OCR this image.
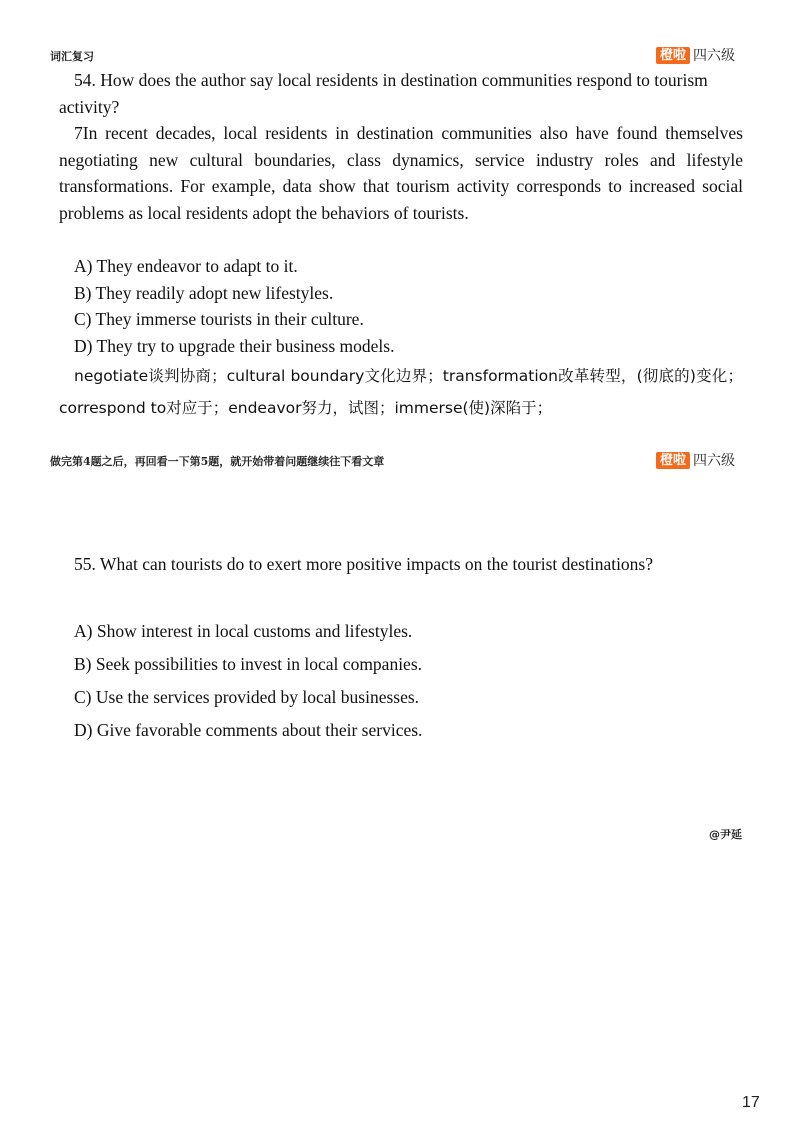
词汇复习	橙啦 四六级
54. How does the author say local residents in destination communities respond to tourism activity?
7In recent decades, local residents in destination communities also have found themselves negotiating new cultural boundaries, class dynamics, service industry roles and lifestyle transformations. For example, data show that tourism activity corresponds to increased social problems as local residents adopt the behaviors of tourists.
A) They endeavor to adapt to it.
B) They readily adopt new lifestyles.
C) They immerse tourists in their culture.
D) They try to upgrade their business models.
negotiate谈判协商；cultural boundary文化边界；transformation改革转型，(彻底的)变化；correspond to对应于；endeavor努力，试图；immerse(使)深陷于；
做完第4题之后，再回看一下第5题，就开始带着问题继续往下看文章	橙啦 四六级
55. What can tourists do to exert more positive impacts on the tourist destinations?
A) Show interest in local customs and lifestyles.
B) Seek possibilities to invest in local companies.
C) Use the services provided by local businesses.
D) Give favorable comments about their services.
@尹延
17
